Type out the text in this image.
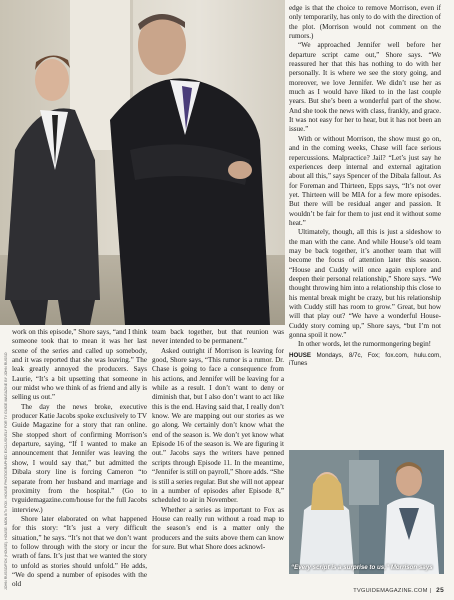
JOHN RUSSO/FOX (HOUSE). HOUSE: MON 8/7c FOX. HOUSE PHOTOGRAPHED EXCLUSIVELY FOR TV GUIDE MAGAZINE BY JOHN RUSSO

work on this episode,” Shore says, “and I think someone took that to mean it was her last scene of the series and called up somebody, and it was reported that she was leaving.” The leak greatly annoyed the producers. Says Laurie, “It’s a bit upsetting that someone in our midst who we think of as friend and ally is selling us out.”

The day the news broke, executive producer Katie Jacobs spoke exclusively to TV Guide Magazine for a story that ran online. She stopped short of confirming Morrison’s departure, saying, “If I wanted to make an announcement that Jennifer was leaving the show, I would say that,” but admitted the Dibala story line is forcing Cameron “to separate from her husband and marriage and proximity from the hospital.” (Go to tvguidemagazine.com/house for the full Jacobs interview.)

Shore later elaborated on what happened for this story: “It’s just a very difficult situation,” he says. “It’s not that we don’t want to follow through with the story or incur the wrath of fans. It’s just that we wanted the story to unfold as stories should unfold.” He adds, “We do spend a number of episodes with the old

team back together, but that reunion was never intended to be permanent.”

Asked outright if Morrison is leaving for good, Shore says, “This rumor is a rumor. Dr. Chase is going to face a consequence from his actions, and Jennifer will be leaving for a while as a result. I don’t want to deny or diminish that, but I also don’t want to act like this is the end. Having said that, I really don’t know. We are mapping out our stories as we go along. We certainly don’t know what the end of the season is. We don’t yet know what Episode 16 of the season is. We are figuring it out.” Jacobs says the writers have penned scripts through Episode 11. In the meantime, “Jennifer is still on payroll,” Shore adds. “She is still a series regular. But she will not appear in a number of episodes after Episode 8,” scheduled to air in November.

Whether a series as important to Fox as House can really run without a road map to the season’s end is a matter only the producers and the suits above them can know for sure. But what Shore does acknowl-

edge is that the choice to remove Morrison, even if only temporarily, has only to do with the direction of the plot. (Morrison would not comment on the rumors.)

“We approached Jennifer well before her departure script came out,” Shore says. “We reassured her that this has nothing to do with her personally. It is where we see the story going, and moreover, we love Jennifer. We didn’t use her as much as I would have liked to in the last couple years. But she’s been a wonderful part of the show. And she took the news with class, frankly, and grace. It was not easy for her to hear, but it has not been an issue.”

With or without Morrison, the show must go on, and in the coming weeks, Chase will face serious repercussions. Malpractice? Jail? “Let’s just say he experiences deep internal and external agitation about all this,” says Spencer of the Dibala fallout. As for Foreman and Thirteen, Epps says, “It’s not over yet. Thirteen will be MIA for a few more episodes. But there will be residual anger and passion. It wouldn’t be fair for them to just end it without some heat.”

Ultimately, though, all this is just a sideshow to the man with the cane. And while House’s old team may be back together, it’s another team that will become the focus of attention later this season. “House and Cuddy will once again explore and deepen their personal relationship,” Shore says. “We thought throwing him into a relationship this close to his mental break might be crazy, but his relationship with Cuddy still has room to grow.” Great, but how will that play out? “We have a wonderful House-Cuddy story coming up,” Shore says, “but I’m not gonna spoil it now.”

In other words, let the rumormongering begin!

HOUSE Mondays, 8/7c, Fox; fox.com, hulu.com, iTunes

“Every script is a surprise to us,” Morrison says
TVGUIDEMAGAZINE.COM | 25
